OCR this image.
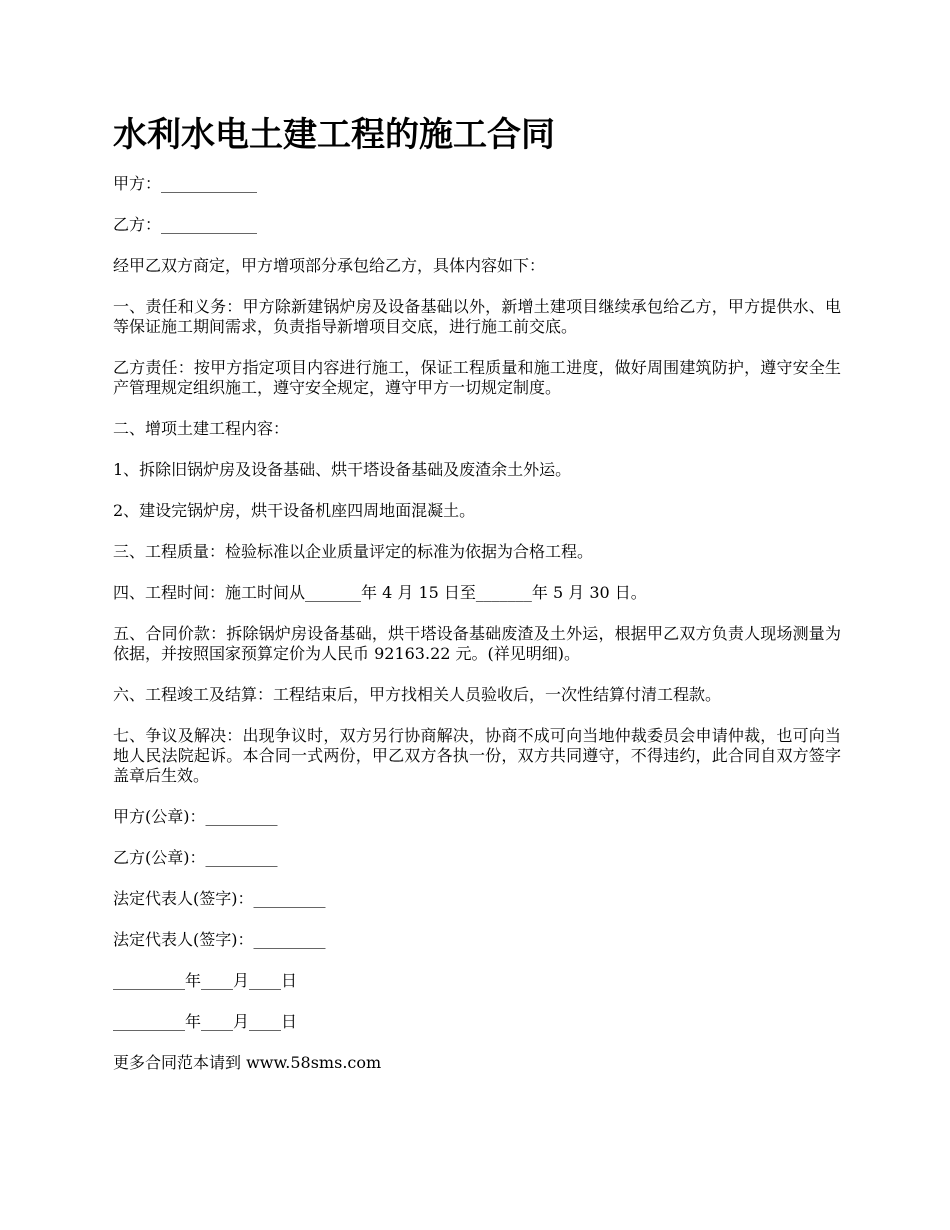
水利水电土建工程的施工合同

甲方：____________

乙方：____________

经甲乙双方商定，甲方增项部分承包给乙方，具体内容如下：

一、责任和义务：甲方除新建锅炉房及设备基础以外，新增土建项目继续承包给乙方，甲方提供水、电等保证施工期间需求，负责指导新增项目交底，进行施工前交底。

乙方责任：按甲方指定项目内容进行施工，保证工程质量和施工进度，做好周围建筑防护，遵守安全生产管理规定组织施工，遵守安全规定，遵守甲方一切规定制度。

二、增项土建工程内容：

1、拆除旧锅炉房及设备基础、烘干塔设备基础及废渣余土外运。

2、建设完锅炉房，烘干设备机座四周地面混凝土。

三、工程质量：检验标准以企业质量评定的标准为依据为合格工程。

四、工程时间：施工时间从_______年 4 月 15 日至_______年 5 月 30 日。

五、合同价款：拆除锅炉房设备基础，烘干塔设备基础废渣及土外运，根据甲乙双方负责人现场测量为依据，并按照国家预算定价为人民币 92163.22 元。(祥见明细)。

六、工程竣工及结算：工程结束后，甲方找相关人员验收后，一次性结算付清工程款。

七、争议及解决：出现争议时，双方另行协商解决，协商不成可向当地仲裁委员会申请仲裁，也可向当地人民法院起诉。本合同一式两份，甲乙双方各执一份，双方共同遵守，不得违约，此合同自双方签字盖章后生效。

甲方(公章)：_________

乙方(公章)：_________

法定代表人(签字)：_________

法定代表人(签字)：_________

_________年____月____日

_________年____月____日

更多合同范本请到 www.58sms.com
